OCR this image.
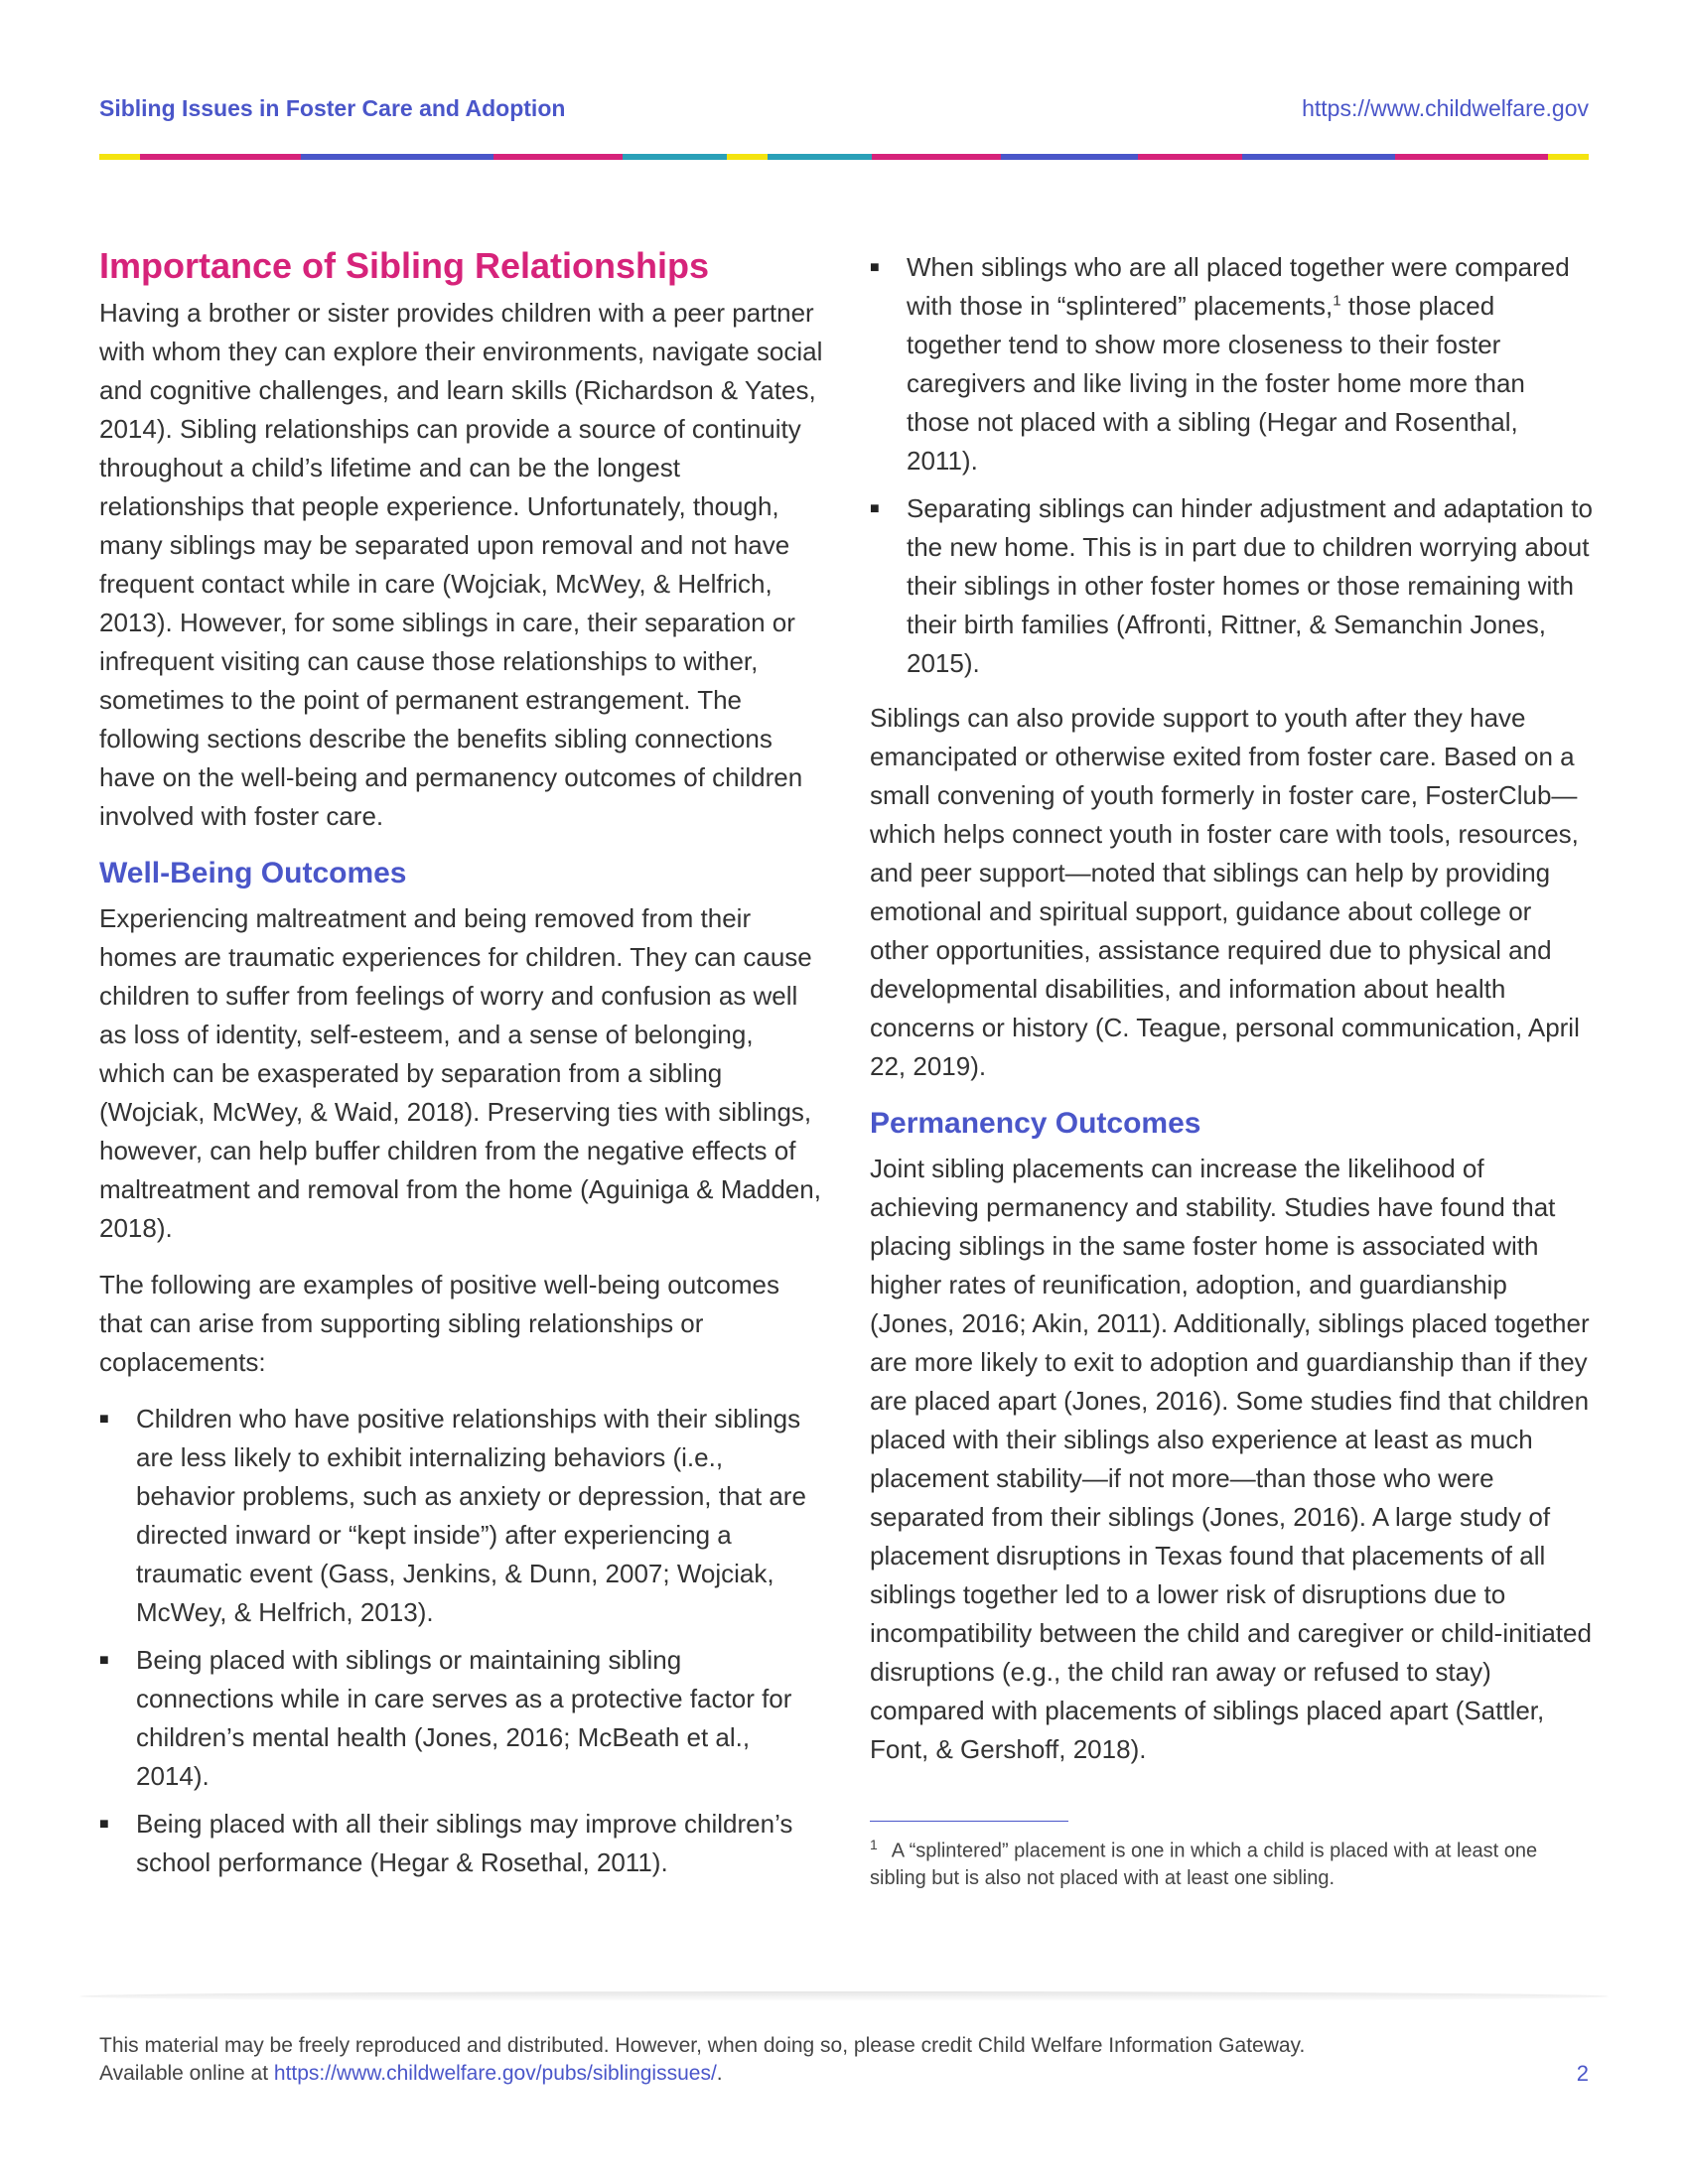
Sibling Issues in Foster Care and Adoption	https://www.childwelfare.gov
Importance of Sibling Relationships

Having a brother or sister provides children with a peer partner with whom they can explore their environments, navigate social and cognitive challenges, and learn skills (Richardson & Yates, 2014). Sibling relationships can provide a source of continuity throughout a child’s lifetime and can be the longest relationships that people experience. Unfortunately, though, many siblings may be separated upon removal and not have frequent contact while in care (Wojciak, McWey, & Helfrich, 2013). However, for some siblings in care, their separation or infrequent visiting can cause those relationships to wither, sometimes to the point of permanent estrangement. The following sections describe the benefits sibling connections have on the well-being and permanency outcomes of children involved with foster care.

Well-Being Outcomes

Experiencing maltreatment and being removed from their homes are traumatic experiences for children. They can cause children to suffer from feelings of worry and confusion as well as loss of identity, self-esteem, and a sense of belonging, which can be exasperated by separation from a sibling (Wojciak, McWey, & Waid, 2018). Preserving ties with siblings, however, can help buffer children from the negative effects of maltreatment and removal from the home (Aguiniga & Madden, 2018).

The following are examples of positive well-being outcomes that can arise from supporting sibling relationships or coplacements:

■ Children who have positive relationships with their siblings are less likely to exhibit internalizing behaviors (i.e., behavior problems, such as anxiety or depression, that are directed inward or “kept inside”) after experiencing a traumatic event (Gass, Jenkins, & Dunn, 2007; Wojciak, McWey, & Helfrich, 2013).
■ Being placed with siblings or maintaining sibling connections while in care serves as a protective factor for children’s mental health (Jones, 2016; McBeath et al., 2014).
■ Being placed with all their siblings may improve children’s school performance (Hegar & Rosethal, 2011).
■ When siblings who are all placed together were compared with those in “splintered” placements,$^1$ those placed together tend to show more closeness to their foster caregivers and like living in the foster home more than those not placed with a sibling (Hegar and Rosenthal, 2011).
■ Separating siblings can hinder adjustment and adaptation to the new home. This is in part due to children worrying about their siblings in other foster homes or those remaining with their birth families (Affronti, Rittner, & Semanchin Jones, 2015).

Siblings can also provide support to youth after they have emancipated or otherwise exited from foster care. Based on a small convening of youth formerly in foster care, FosterClub—which helps connect youth in foster care with tools, resources, and peer support—noted that siblings can help by providing emotional and spiritual support, guidance about college or other opportunities, assistance required due to physical and developmental disabilities, and information about health concerns or history (C. Teague, personal communication, April 22, 2019).

Permanency Outcomes

Joint sibling placements can increase the likelihood of achieving permanency and stability. Studies have found that placing siblings in the same foster home is associated with higher rates of reunification, adoption, and guardianship (Jones, 2016; Akin, 2011). Additionally, siblings placed together are more likely to exit to adoption and guardianship than if they are placed apart (Jones, 2016). Some studies find that children placed with their siblings also experience at least as much placement stability—if not more—than those who were separated from their siblings (Jones, 2016). A large study of placement disruptions in Texas found that placements of all siblings together led to a lower risk of disruptions due to incompatibility between the child and caregiver or child-initiated disruptions (e.g., the child ran away or refused to stay) compared with placements of siblings placed apart (Sattler, Font, & Gershoff, 2018).

$^1$ A “splintered” placement is one in which a child is placed with at least one sibling but is also not placed with at least one sibling.

This material may be freely reproduced and distributed. However, when doing so, please credit Child Welfare Information Gateway. Available online at https://www.childwelfare.gov/pubs/siblingissues/.	2
